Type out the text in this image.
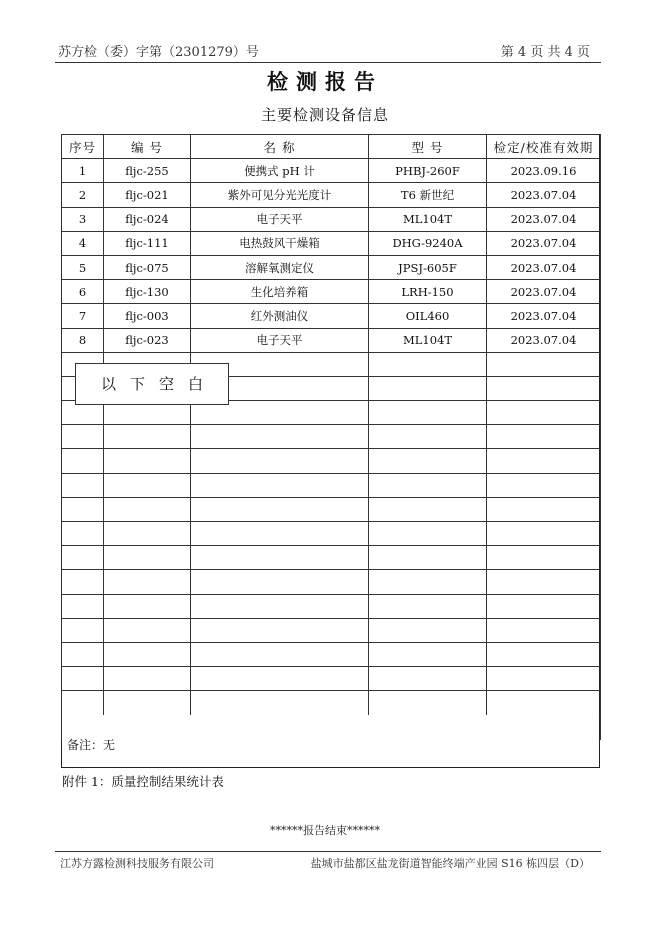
苏方检（委）字第（2301279）号	第 4 页 共 4 页
检测报告
主要检测设备信息
序号	编 号	名 称	型 号	检定/校准有效期
1	fljc-255	便携式 pH 计	PHBJ-260F	2023.09.16
2	fljc-021	紫外可见分光光度计	T6 新世纪	2023.07.04
3	fljc-024	电子天平	ML104T	2023.07.04
4	fljc-111	电热鼓风干燥箱	DHG-9240A	2023.07.04
5	fljc-075	溶解氧测定仪	JPSJ-605F	2023.07.04
6	fljc-130	生化培养箱	LRH-150	2023.07.04
7	fljc-003	红外测油仪	OIL460	2023.07.04
8	fljc-023	电子天平	ML104T	2023.07.04

以下空白
备注：无
附件 1：质量控制结果统计表
******报告结束******
江苏方露检测科技服务有限公司	盐城市盐都区盐龙街道智能终端产业园 S16 栋四层（D）
